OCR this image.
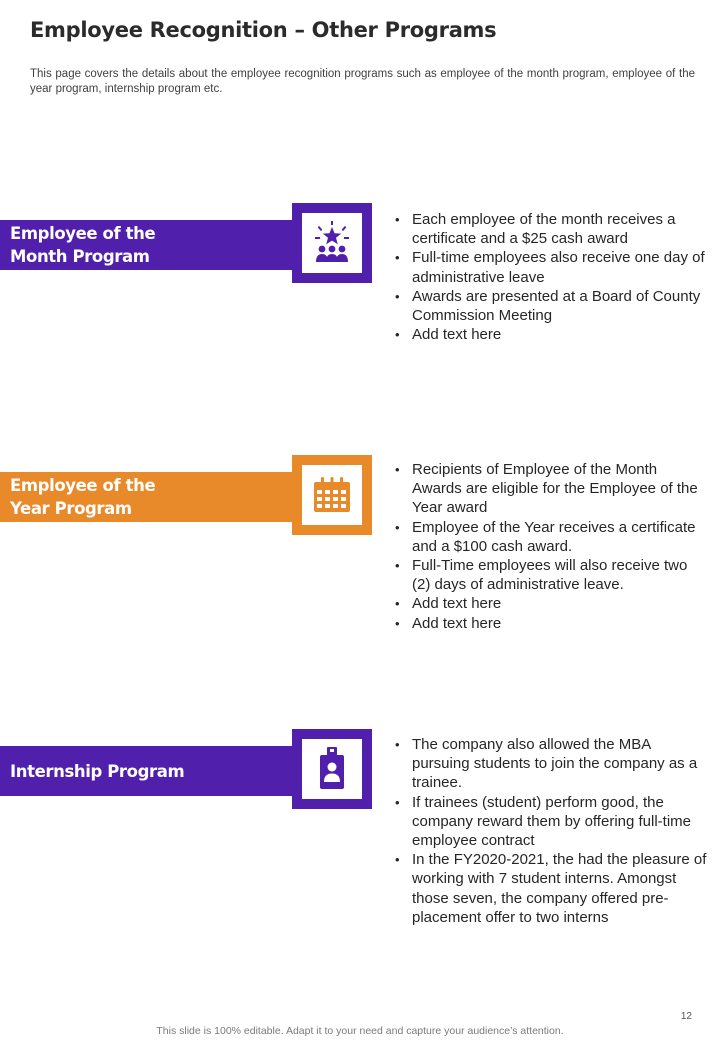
Employee Recognition – Other Programs

This page covers the details about the employee recognition programs such as employee of the month program, employee of the year program, internship program etc.

Employee of the
Month Program
• Each employee of the month receives a certificate and a $25 cash award
• Full-time employees also receive one day of administrative leave
• Awards are presented at a Board of County Commission Meeting
• Add text here
Employee of the
Year Program
• Recipients of Employee of the Month Awards are eligible for the Employee of the Year award
• Employee of the Year receives a certificate and a $100 cash award.
• Full-Time employees will also receive two (2) days of administrative leave.
• Add text here
• Add text here
Internship Program
• The company also allowed the MBA pursuing students to join the company as a trainee.
• If trainees (student) perform good, the company reward them by offering full-time employee contract
• In the FY2020-2021, the had the pleasure of working with 7 student interns. Amongst those seven, the company offered pre-placement offer to two interns
12
This slide is 100% editable. Adapt it to your need and capture your audience’s attention.
